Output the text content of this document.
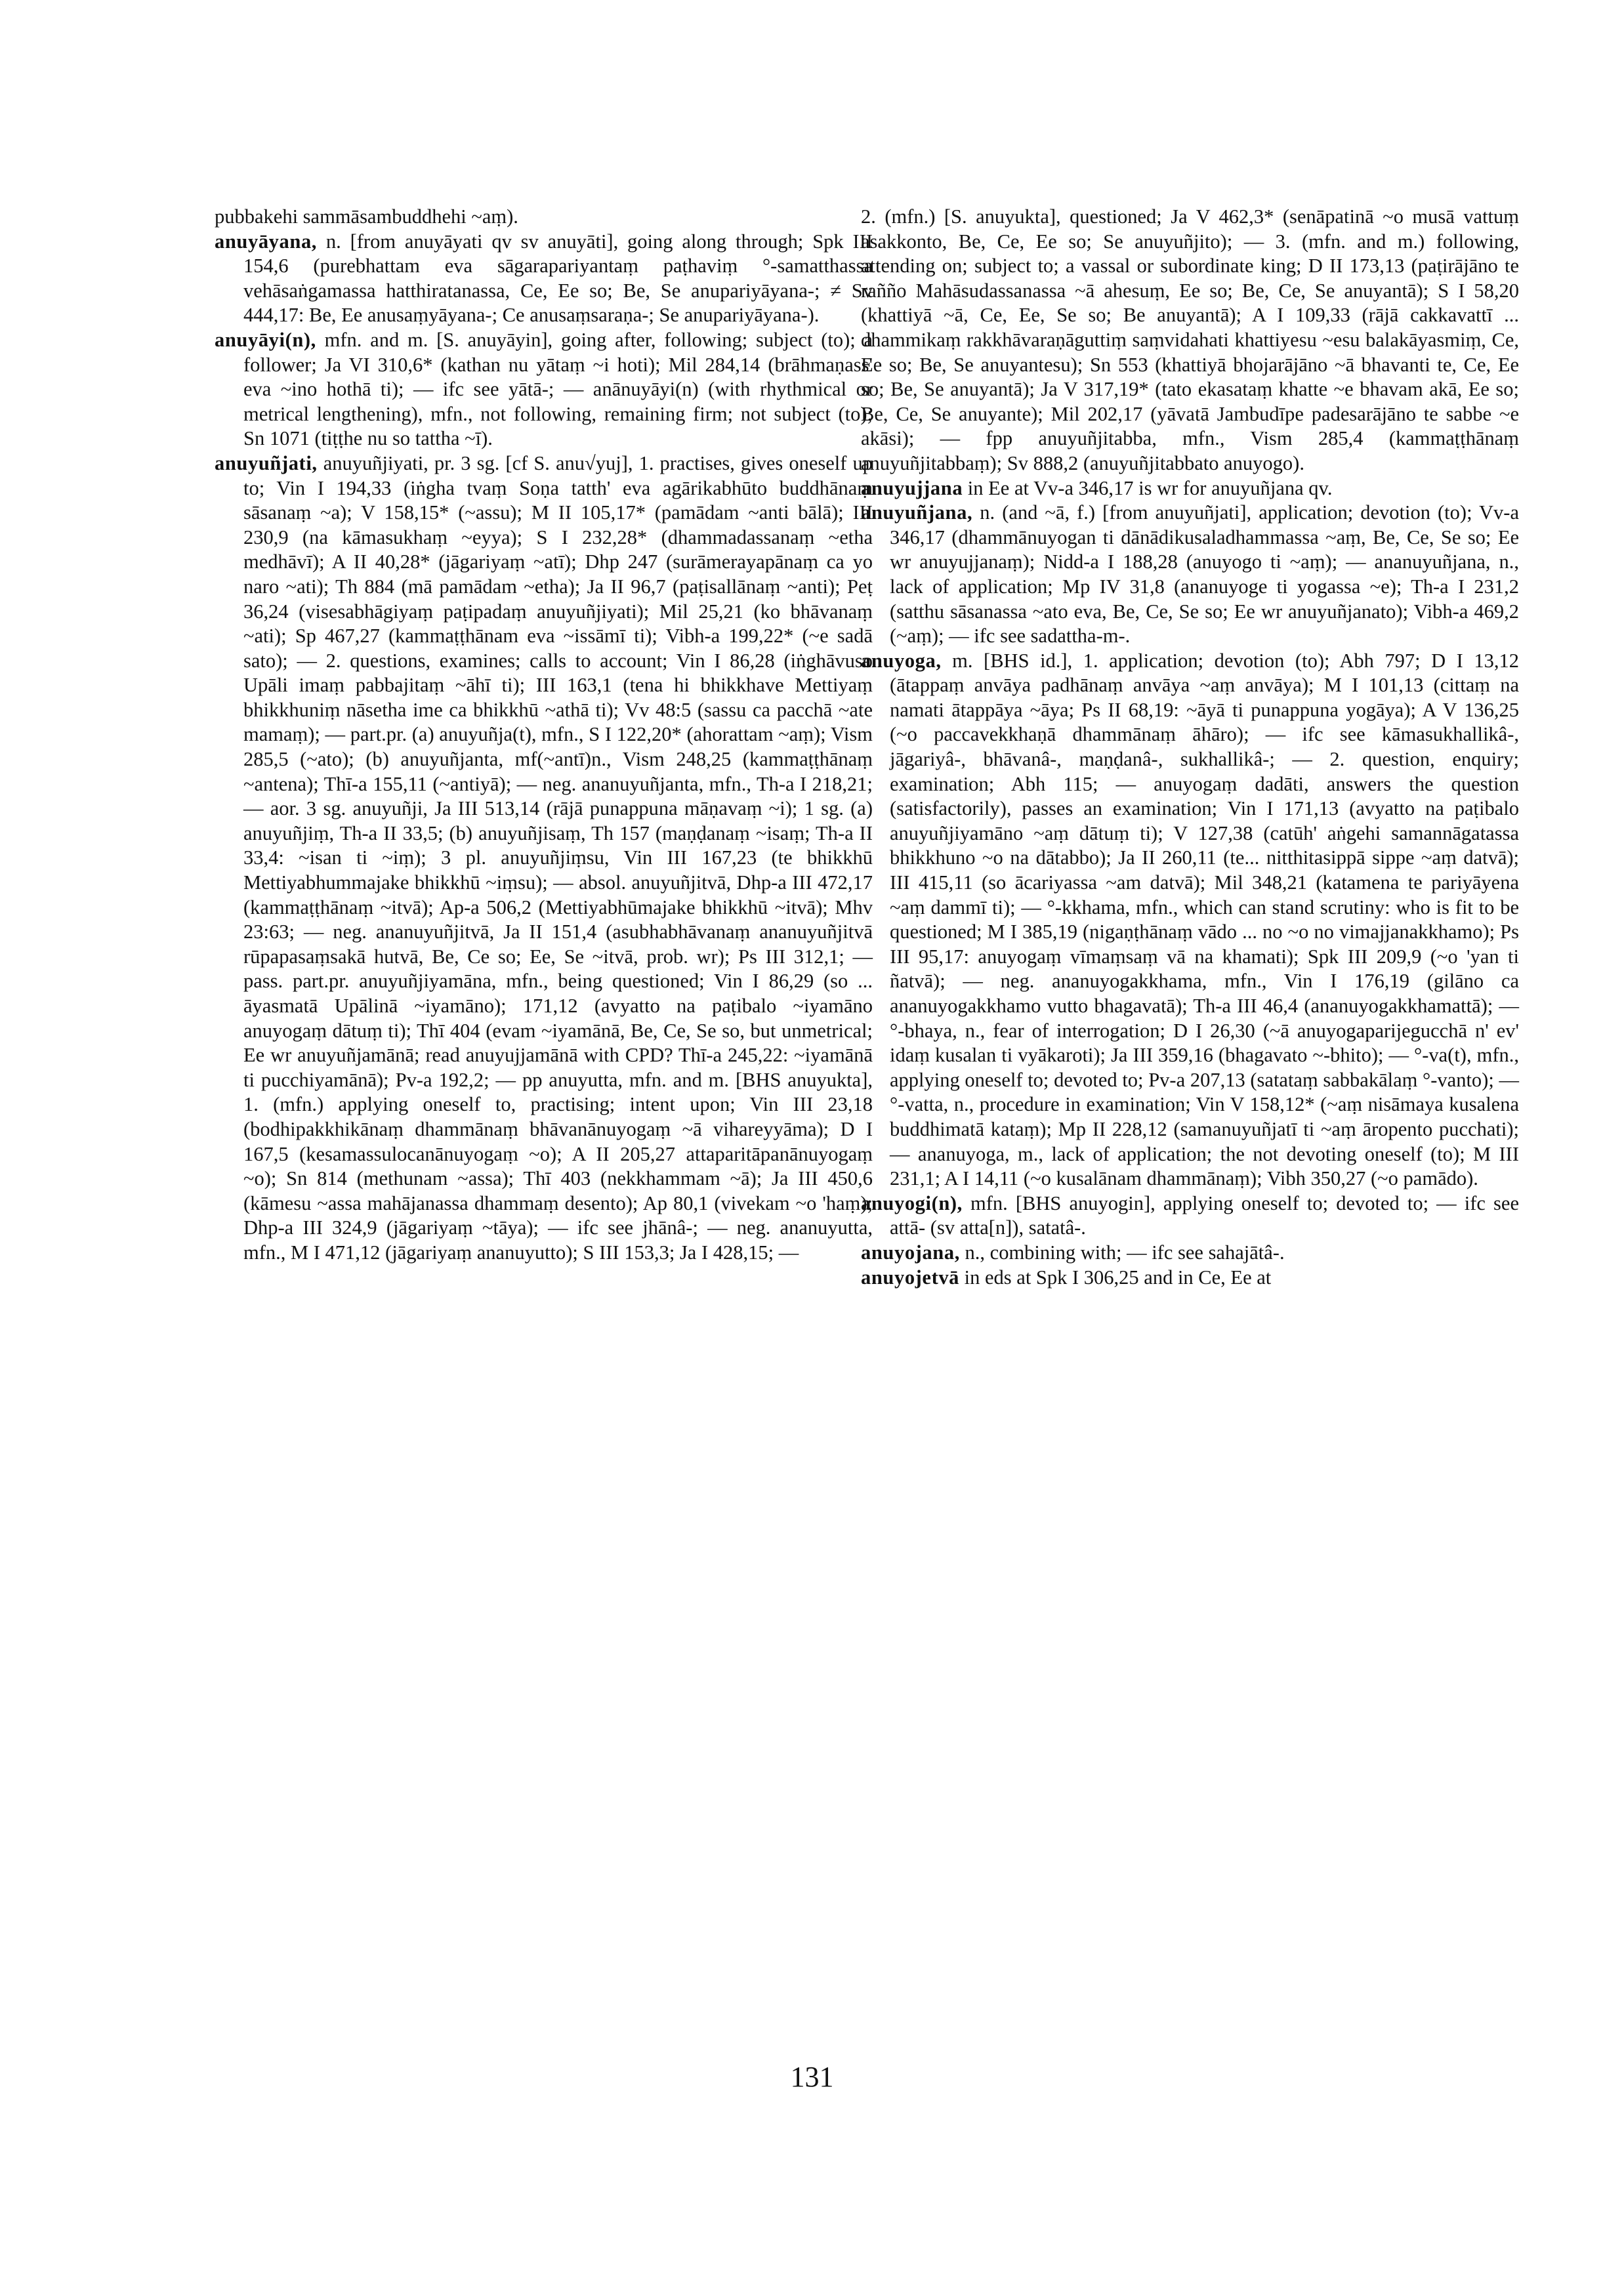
pubbakehi sammāsambuddhehi ~aṃ).

anuyāyana, n. [from anuyāyati qv sv anuyāti], going along through; Spk III 154,6 (purebhattam eva sāgarapariyantaṃ paṭhaviṃ °-samatthassa vehāsaṅgamassa hatthiratanassa, Ce, Ee so; Be, Se anupariyāyana-; ≠ Sv 444,17: Be, Ee anusaṃyāyana-; Ce anusaṃsaraṇa-; Se anupariyāyana-).

anuyāyi(n), mfn. and m. [S. anuyāyin], going after, following; subject (to); a follower; Ja VI 310,6* (kathan nu yātaṃ ~i hoti); Mil 284,14 (brāhmaṇass' eva ~ino hothā ti); — ifc see yātā-; — anānuyāyi(n) (with rhythmical or metrical lengthening), mfn., not following, remaining firm; not subject (to); Sn 1071 (tiṭṭhe nu so tattha ~ī).

anuyuñjati, anuyuñjiyati, pr. 3 sg. [cf S. anu√yuj], 1. practises, gives oneself up to; Vin I 194,33 (iṅgha tvaṃ Soṇa tatth' eva agārikabhūto buddhānaṃ sāsanaṃ ~a); V 158,15* (~assu); M II 105,17* (pamādam ~anti bālā); III 230,9 (na kāmasukhaṃ ~eyya); S I 232,28* (dhammadassanaṃ ~etha medhāvī); A II 40,28* (jāgariyaṃ ~atī); Dhp 247 (surāmerayapānaṃ ca yo naro ~ati); Th 884 (mā pamādam ~etha); Ja II 96,7 (paṭisallānaṃ ~anti); Peṭ 36,24 (visesabhāgiyaṃ paṭipadaṃ anuyuñjiyati); Mil 25,21 (ko bhāvanaṃ ~ati); Sp 467,27 (kammaṭṭhānam eva ~issāmī ti); Vibh-a 199,22* (~e sadā sato); — 2. questions, examines; calls to account; Vin I 86,28 (iṅghāvuso Upāli imaṃ pabbajitaṃ ~āhī ti); III 163,1 (tena hi bhikkhave Mettiyaṃ bhikkhuniṃ nāsetha ime ca bhikkhū ~athā ti); Vv 48:5 (sassu ca pacchā ~ate mamaṃ); — part.pr. (a) anuyuñja(t), mfn., S I 122,20* (ahorattam ~aṃ); Vism 285,5 (~ato); (b) anuyuñjanta, mf(~antī)n., Vism 248,25 (kammaṭṭhānaṃ ~antena); Thī-a 155,11 (~antiyā); — neg. ananuyuñjanta, mfn., Th-a I 218,21; — aor. 3 sg. anuyuñji, Ja III 513,14 (rājā punappuna māṇavaṃ ~i); 1 sg. (a) anuyuñjiṃ, Th-a II 33,5; (b) anuyuñjisaṃ, Th 157 (maṇḍanaṃ ~isaṃ; Th-a II 33,4: ~isan ti ~iṃ); 3 pl. anuyuñjiṃsu, Vin III 167,23 (te bhikkhū Mettiyabhummajake bhikkhū ~iṃsu); — absol. anuyuñjitvā, Dhp-a III 472,17 (kammaṭṭhānaṃ ~itvā); Ap-a 506,2 (Mettiyabhūmajake bhikkhū ~itvā); Mhv 23:63; — neg. ananuyuñjitvā, Ja II 151,4 (asubhabhāvanaṃ ananuyuñjitvā rūpapasaṃsakā hutvā, Be, Ce so; Ee, Se ~itvā, prob. wr); Ps III 312,1; — pass. part.pr. anuyuñjiyamāna, mfn., being questioned; Vin I 86,29 (so ... āyasmatā Upālinā ~iyamāno); 171,12 (avyatto na paṭibalo ~iyamāno anuyogaṃ dātuṃ ti); Thī 404 (evam ~iyamānā, Be, Ce, Se so, but unmetrical; Ee wr anuyuñjamānā; read anuyujjamānā with CPD? Thī-a 245,22: ~iyamānā ti pucchiyamānā); Pv-a 192,2; — pp anuyutta, mfn. and m. [BHS anuyukta], 1. (mfn.) applying oneself to, practising; intent upon; Vin III 23,18 (bodhipakkhikānaṃ dhammānaṃ bhāvanānuyogaṃ ~ā vihareyyāma); D I 167,5 (kesamassulocanānuyogaṃ ~o); A II 205,27 attaparitāpanānuyogaṃ ~o); Sn 814 (methunam ~assa); Thī 403 (nekkhammam ~ā); Ja III 450,6 (kāmesu ~assa mahājanassa dhammaṃ desento); Ap 80,1 (vivekam ~o 'haṃ); Dhp-a III 324,9 (jāgariyaṃ ~tāya); — ifc see jhānâ-; — neg. ananuyutta, mfn., M I 471,12 (jāgariyaṃ ananuyutto); S III 153,3; Ja I 428,15; —

2. (mfn.) [S. anuyukta], questioned; Ja V 462,3* (senāpatinā ~o musā vattuṃ asakkonto, Be, Ce, Ee so; Se anuyuñjito); — 3. (mfn. and m.) following, attending on; subject to; a vassal or subordinate king; D II 173,13 (paṭirājāno te rañño Mahāsudassanassa ~ā ahesuṃ, Ee so; Be, Ce, Se anuyantā); S I 58,20 (khattiyā ~ā, Ce, Ee, Se so; Be anuyantā); A I 109,33 (rājā cakkavattī ... dhammikaṃ rakkhāvaraṇāguttiṃ saṃvidahati khattiyesu ~esu balakāyasmiṃ, Ce, Ee so; Be, Se anuyantesu); Sn 553 (khattiyā bhojarājāno ~ā bhavanti te, Ce, Ee so; Be, Se anuyantā); Ja V 317,19* (tato ekasataṃ khatte ~e bhavam akā, Ee so; Be, Ce, Se anuyante); Mil 202,17 (yāvatā Jambudīpe padesarājāno te sabbe ~e akāsi); — fpp anuyuñjitabba, mfn., Vism 285,4 (kammaṭṭhānaṃ anuyuñjitabbaṃ); Sv 888,2 (anuyuñjitabbato anuyogo).

anuyujjana in Ee at Vv-a 346,17 is wr for anuyuñjana qv.

anuyuñjana, n. (and ~ā, f.) [from anuyuñjati], application; devotion (to); Vv-a 346,17 (dhammānuyogan ti dānādikusaladhammassa ~aṃ, Be, Ce, Se so; Ee wr anuyujjanaṃ); Nidd-a I 188,28 (anuyogo ti ~aṃ); — ananuyuñjana, n., lack of application; Mp IV 31,8 (ananuyoge ti yogassa ~e); Th-a I 231,2 (satthu sāsanassa ~ato eva, Be, Ce, Se so; Ee wr anuyuñjanato); Vibh-a 469,2 (~aṃ); — ifc see sadattha-m-.

anuyoga, m. [BHS id.], 1. application; devotion (to); Abh 797; D I 13,12 (ātappaṃ anvāya padhānaṃ anvāya ~aṃ anvāya); M I 101,13 (cittaṃ na namati ātappāya ~āya; Ps II 68,19: ~āyā ti punappuna yogāya); A V 136,25 (~o paccavekkhaṇā dhammānaṃ āhāro); — ifc see kāmasukhallikâ-, jāgariyâ-, bhāvanâ-, maṇḍanâ-, sukhallikâ-; — 2. question, enquiry; examination; Abh 115; — anuyogaṃ dadāti, answers the question (satisfactorily), passes an examination; Vin I 171,13 (avyatto na paṭibalo anuyuñjiyamāno ~aṃ dātuṃ ti); V 127,38 (catūh' aṅgehi samannāgatassa bhikkhuno ~o na dātabbo); Ja II 260,11 (te... nitthitasippā sippe ~aṃ datvā); III 415,11 (so ācariyassa ~am datvā); Mil 348,21 (katamena te pariyāyena ~aṃ dammī ti); — °-kkhama, mfn., which can stand scrutiny: who is fit to be questioned; M I 385,19 (nigaṇṭhānaṃ vādo ... no ~o no vimajjanakkhamo); Ps III 95,17: anuyogaṃ vīmaṃsaṃ vā na khamati); Spk III 209,9 (~o 'yan ti ñatvā); — neg. ananuyogakkhama, mfn., Vin I 176,19 (gilāno ca ananuyogakkhamo vutto bhagavatā); Th-a III 46,4 (ananuyogakkhamattā); — °-bhaya, n., fear of interrogation; D I 26,30 (~ā anuyogaparijegucchā n' ev' idaṃ kusalan ti vyākaroti); Ja III 359,16 (bhagavato ~-bhito); — °-va(t), mfn., applying oneself to; devoted to; Pv-a 207,13 (satataṃ sabbakālaṃ °-vanto); — °-vatta, n., procedure in examination; Vin V 158,12* (~aṃ nisāmaya kusalena buddhimatā kataṃ); Mp II 228,12 (samanuyuñjatī ti ~aṃ āropento pucchati); — ananuyoga, m., lack of application; the not devoting oneself (to); M III 231,1; A I 14,11 (~o kusalānam dhammānaṃ); Vibh 350,27 (~o pamādo).

anuyogi(n), mfn. [BHS anuyogin], applying oneself to; devoted to; — ifc see attā- (sv atta[n]), satatâ-.

anuyojana, n., combining with; — ifc see sahajātâ-.

anuyojetvā in eds at Spk I 306,25 and in Ce, Ee at

131
